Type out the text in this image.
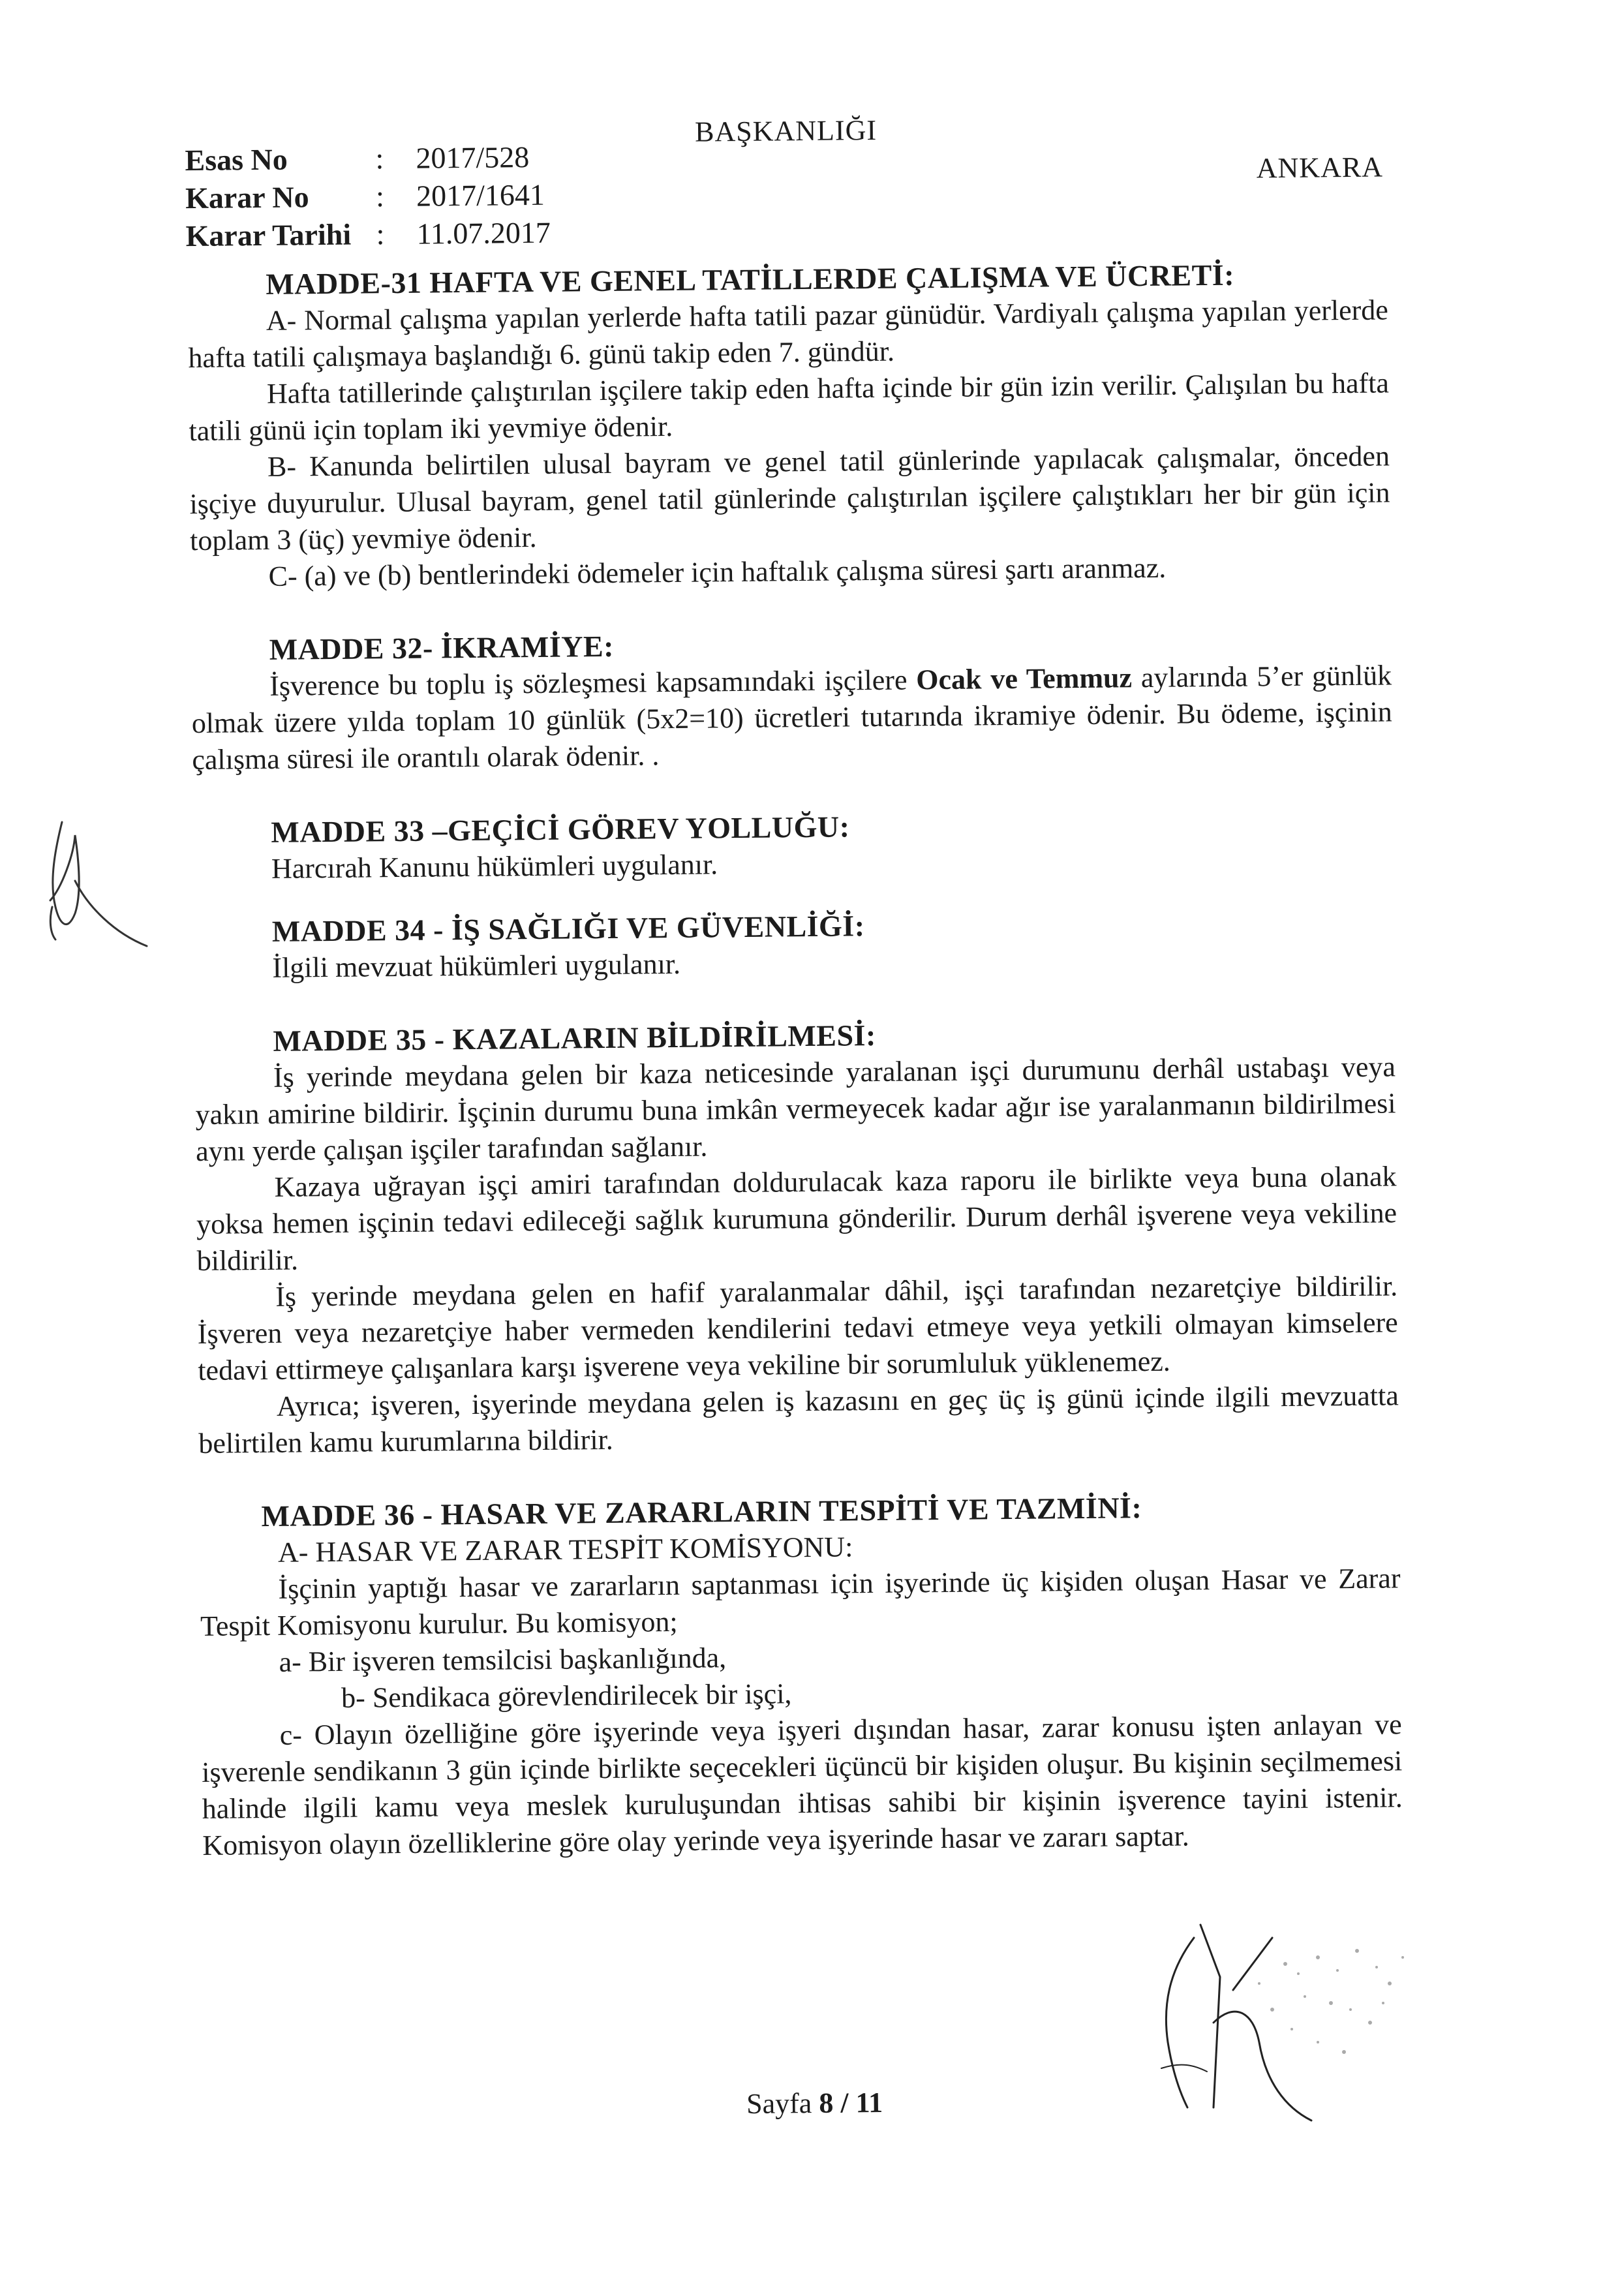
Esas No
Karar No
Karar Tarihi
:
:
:
2017/528
2017/1641
11.07.2017
BAŞKANLIĞI
ANKARA

MADDE-31 HAFTA VE GENEL TATİLLERDE ÇALIŞMA VE ÜCRETİ:

A- Normal çalışma yapılan yerlerde hafta tatili pazar günüdür. Vardiyalı çalışma yapılan yerlerde hafta tatili çalışmaya başlandığı 6. günü takip eden 7. gündür.

Hafta tatillerinde çalıştırılan işçilere takip eden hafta içinde bir gün izin verilir. Çalışılan bu hafta tatili günü için toplam iki yevmiye ödenir.

B- Kanunda belirtilen ulusal bayram ve genel tatil günlerinde yapılacak çalışmalar, önceden işçiye duyurulur. Ulusal bayram, genel tatil günlerinde çalıştırılan işçilere çalıştıkları her bir gün için toplam 3 (üç) yevmiye ödenir.

C- (a) ve (b) bentlerindeki ödemeler için haftalık çalışma süresi şartı aranmaz.

MADDE 32- İKRAMİYE:

İşverence bu toplu iş sözleşmesi kapsamındaki işçilere Ocak ve Temmuz aylarında 5’er günlük olmak üzere yılda toplam 10 günlük (5x2=10) ücretleri tutarında ikramiye ödenir. Bu ödeme, işçinin çalışma süresi ile orantılı olarak ödenir. .

MADDE 33 –GEÇİCİ GÖREV YOLLUĞU:

Harcırah Kanunu hükümleri uygulanır.

MADDE 34 - İŞ SAĞLIĞI VE GÜVENLİĞİ:

İlgili mevzuat hükümleri uygulanır.

MADDE 35 - KAZALARIN BİLDİRİLMESİ:

İş yerinde meydana gelen bir kaza neticesinde yaralanan işçi durumunu derhâl ustabaşı veya yakın amirine bildirir. İşçinin durumu buna imkân vermeyecek kadar ağır ise yaralanmanın bildirilmesi aynı yerde çalışan işçiler tarafından sağlanır.

Kazaya uğrayan işçi amiri tarafından doldurulacak kaza raporu ile birlikte veya buna olanak yoksa hemen işçinin tedavi edileceği sağlık kurumuna gönderilir. Durum derhâl işverene veya vekiline bildirilir.

İş yerinde meydana gelen en hafif yaralanmalar dâhil, işçi tarafından nezaretçiye bildirilir. İşveren veya nezaretçiye haber vermeden kendilerini tedavi etmeye veya yetkili olmayan kimselere tedavi ettirmeye çalışanlara karşı işverene veya vekiline bir sorumluluk yüklenemez.

Ayrıca; işveren, işyerinde meydana gelen iş kazasını en geç üç iş günü içinde ilgili mevzuatta belirtilen kamu kurumlarına bildirir.

MADDE 36 - HASAR VE ZARARLARIN TESPİTİ VE TAZMİNİ:

A- HASAR VE ZARAR TESPİT KOMİSYONU:

İşçinin yaptığı hasar ve zararların saptanması için işyerinde üç kişiden oluşan Hasar ve Zarar Tespit Komisyonu kurulur. Bu komisyon;

a- Bir işveren temsilcisi başkanlığında,

b- Sendikaca görevlendirilecek bir işçi,

c- Olayın özelliğine göre işyerinde veya işyeri dışından hasar, zarar konusu işten anlayan ve işverenle sendikanın 3 gün içinde birlikte seçecekleri üçüncü bir kişiden oluşur. Bu kişinin seçilmemesi halinde ilgili kamu veya meslek kuruluşundan ihtisas sahibi bir kişinin işverence tayini istenir. Komisyon olayın özelliklerine göre olay yerinde veya işyerinde hasar ve zararı saptar.

Sayfa 8 / 11
